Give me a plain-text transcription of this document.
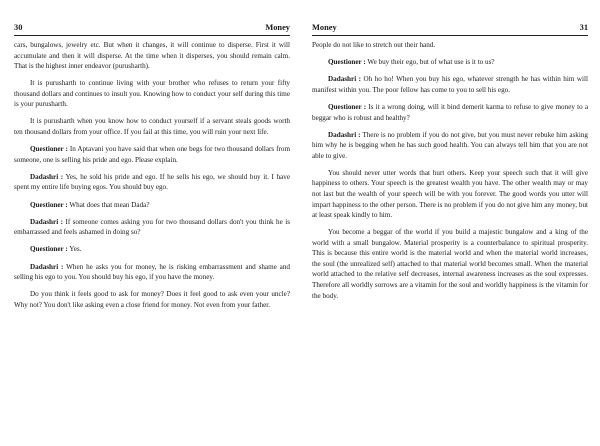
30	Money

cars, bungalows, jewelry etc. But when it changes, it will continue to disperse. First it will accumulate and then it will disperse. At the time when it disperses, you should remain calm. That is the highest inner endeavor (purusharth).

It is purusharth to continue living with your brother who refuses to return your fifty thousand dollars and continues to insult you. Knowing how to conduct your self during this time is your purusharth.

It is purusharth when you know how to conduct yourself if a servant steals goods worth ten thousand dollars from your office. If you fail at this time, you will ruin your next life.

Questioner : In Aptavani you have said that when one begs for two thousand dollars from someone, one is selling his pride and ego. Please explain.

Dadashri : Yes, he sold his pride and ego. If he sells his ego, we should buy it. I have spent my entire life buying egos. You should buy ego.

Questioner : What does that mean Dada?

Dadashri : If someone comes asking you for two thousand dollars don't you think he is embarrassed and feels ashamed in doing so?

Questioner : Yes.

Dadashri : When he asks you for money, he is risking embarrassment and shame and selling his ego to you. You should buy his ego, if you have the money.

Do you think it feels good to ask for money? Does it feel good to ask even your uncle? Why not? You don't like asking even a close friend for money. Not even from your father.

Money	31

People do not like to stretch out their hand.

Questioner : We buy their ego, but of what use is it to us?

Dadashri : Oh ho ho! When you buy his ego, whatever strength he has within him will manifest within you. The poor fellow has come to you to sell his ego.

Questioner : Is it a wrong doing, will it bind demerit karma to refuse to give money to a beggar who is robust and healthy?

Dadashri : There is no problem if you do not give, but you must never rebuke him asking him why he is begging when he has such good health. You can always tell him that you are not able to give.

You should never utter words that hurt others. Keep your speech such that it will give happiness to others. Your speech is the greatest wealth you have. The other wealth may or may not last but the wealth of your speech will be with you forever. The good words you utter will impart happiness to the other person. There is no problem if you do not give him any money, but at least speak kindly to him.

You become a beggar of the world if you build a majestic bungalow and a king of the world with a small bungalow. Material prosperity is a counterbalance to spiritual prosperity. This is because this entire world is the material world and when the material world increases, the soul (the unrealized self) attached to that material world becomes small. When the material world attached to the relative self decreases, internal awareness increases as the soul expresses. Therefore all worldly sorrows are a vitamin for the soul and worldly happiness is the vitamin for the body.
